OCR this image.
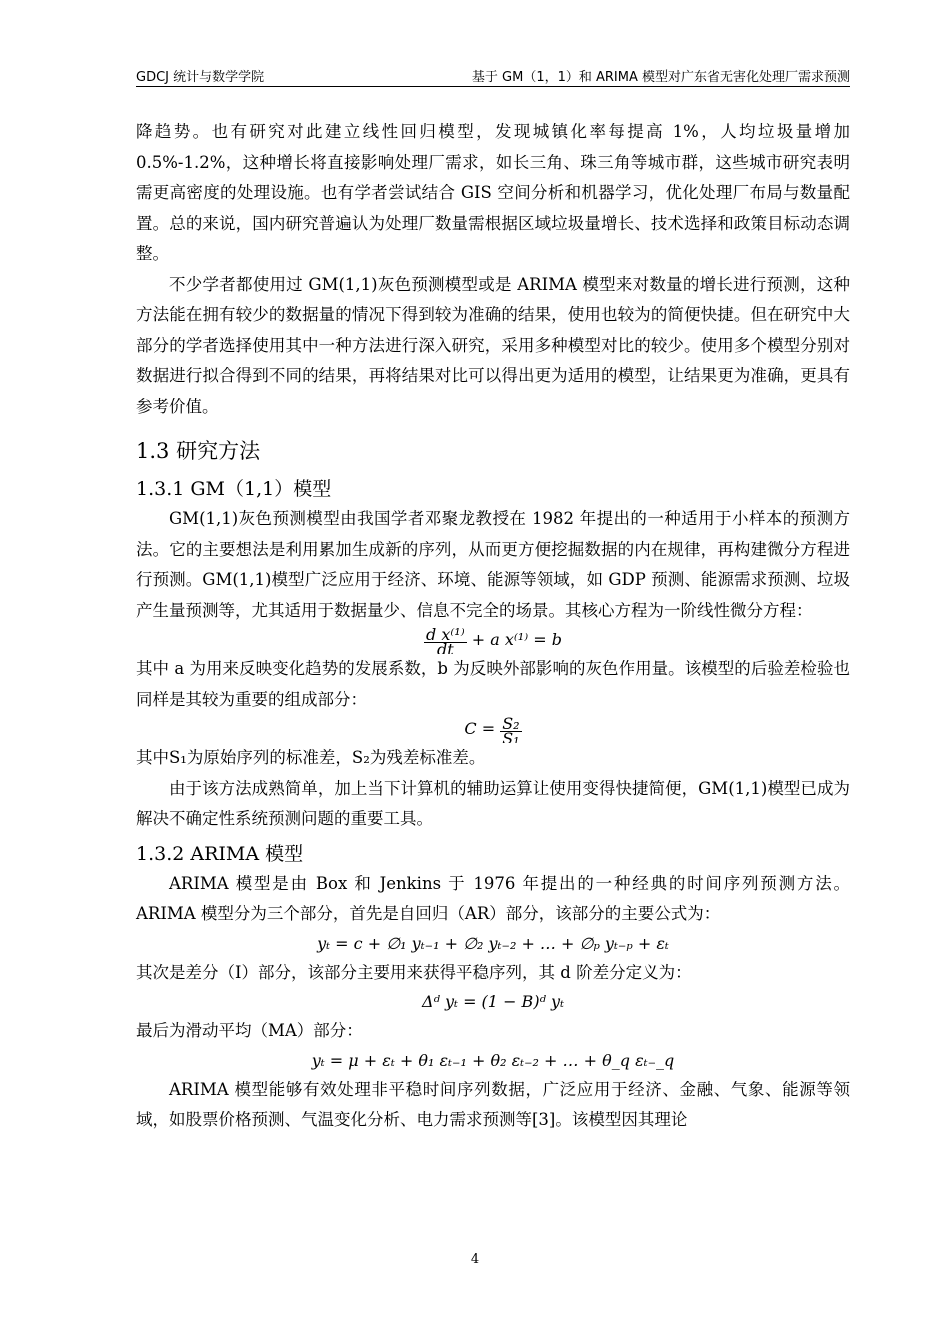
GDCJ 统计与数学学院	基于 GM（1，1）和 ARIMA 模型对广东省无害化处理厂需求预测

降趋势。也有研究对此建立线性回归模型，发现城镇化率每提高 1%，人均垃圾量增加 0.5%-1.2%，这种增长将直接影响处理厂需求，如长三角、珠三角等城市群，这些城市研究表明需更高密度的处理设施。也有学者尝试结合 GIS 空间分析和机器学习，优化处理厂布局与数量配置。总的来说，国内研究普遍认为处理厂数量需根据区域垃圾量增长、技术选择和政策目标动态调整。

不少学者都使用过 GM(1,1)灰色预测模型或是 ARIMA 模型来对数量的增长进行预测，这种方法能在拥有较少的数据量的情况下得到较为准确的结果，使用也较为的简便快捷。但在研究中大部分的学者选择使用其中一种方法进行深入研究，采用多种模型对比的较少。使用多个模型分别对数据进行拟合得到不同的结果，再将结果对比可以得出更为适用的模型，让结果更为准确，更具有参考价值。

1.3 研究方法
1.3.1 GM（1,1）模型

GM(1,1)灰色预测模型由我国学者邓聚龙教授在 1982 年提出的一种适用于小样本的预测方法。它的主要想法是利用累加生成新的序列，从而更方便挖掘数据的内在规律，再构建微分方程进行预测。GM(1,1)模型广泛应用于经济、环境、能源等领域，如 GDP 预测、能源需求预测、垃圾产生量预测等，尤其适用于数据量少、信息不完全的场景。其核心方程为一阶线性微分方程：

$\frac{\text{d x⁽¹⁾}}{dt} + a$ x⁽¹⁾ = b

其中 a 为用来反映变化趋势的发展系数，b 为反映外部影响的灰色作用量。该模型的后验差检验也同样是其较为重要的组成部分：

$C = \frac{\text{S₂}}{\text{S₁}}$

其中S₁为原始序列的标准差，S₂为残差标准差。

由于该方法成熟简单，加上当下计算机的辅助运算让使用变得快捷简便，GM(1,1)模型已成为解决不确定性系统预测问题的重要工具。

1.3.2 ARIMA 模型

ARIMA 模型是由 Box 和 Jenkins 于 1976 年提出的一种经典的时间序列预测方法。ARIMA 模型分为三个部分，首先是自回归（AR）部分，该部分的主要公式为：

yₜ = c + ∅₁ yₜ₋₁ + ∅₂ yₜ₋₂ + … + ∅ₚ yₜ₋ₚ + εₜ

其次是差分（I）部分，该部分主要用来获得平稳序列，其 d 阶差分定义为：

Δᵈ yₜ = (1 − B)ᵈ yₜ

最后为滑动平均（MA）部分：

yₜ = μ + εₜ + θ₁ εₜ₋₁ + θ₂ εₜ₋₂ + … + θ_q εₜ₋_q

ARIMA 模型能够有效处理非平稳时间序列数据，广泛应用于经济、金融、气象、能源等领域，如股票价格预测、气温变化分析、电力需求预测等[3]。该模型因其理论

4
